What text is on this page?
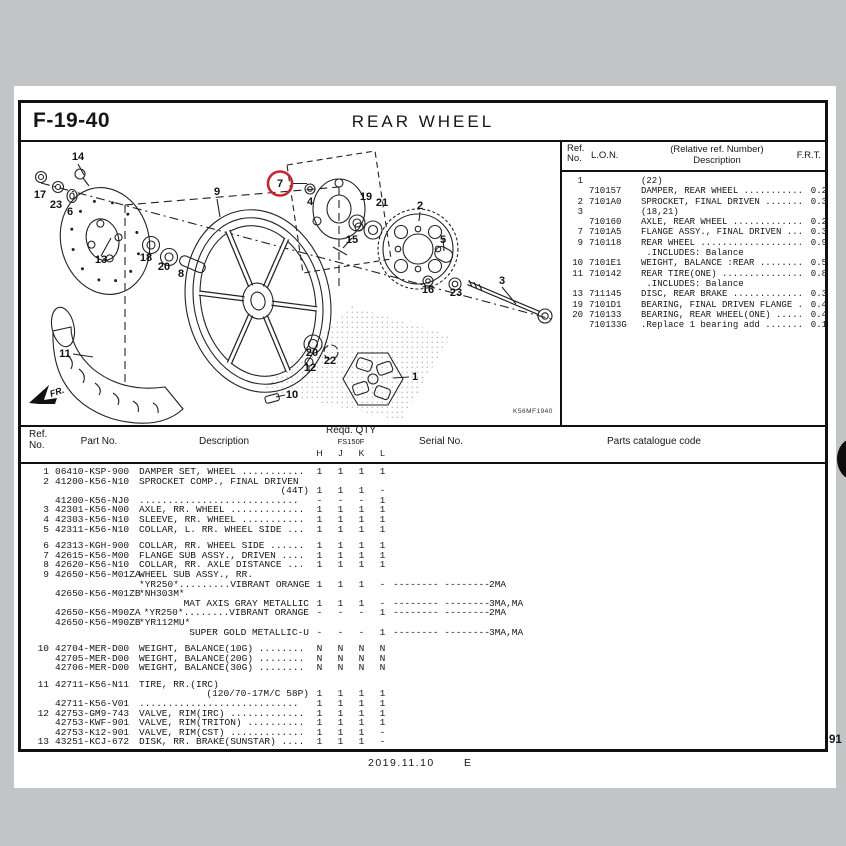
F-19-40	REAR WHEEL
FR.
K56MF1940
14
17
23
6
13	18
20
8
9
11
4	19 21
15
2
5
16 23
3
20
22
12
10
1
7
Ref.
No. L.O.N.
(Relative ref. Number)
Description	F.R.T.
1	(22)
710157	DAMPER, REAR WHEEL ........... 0.2
2 7101A0	SPROCKET, FINAL DRIVEN ....... 0.3
3	(18,21)
710160	AXLE, REAR WHEEL ............. 0.2
7 7101A5	FLANGE ASSY., FINAL DRIVEN ... 0.3
9 710118	REAR WHEEL ................... 0.9
.INCLUDES: Balance
10 7101E1	WEIGHT, BALANCE :REAR ........ 0.5
11 710142	REAR TIRE(ONE) ............... 0.8
.INCLUDES: Balance
13 711145	DISC, REAR BRAKE ............. 0.3
19 7101D1	BEARING, FINAL DRIVEN FLANGE . 0.4
20 710133	BEARING, REAR WHEEL(ONE) ..... 0.4
710133G	.Replace 1 bearing add ....... 0.1
Ref.
No.	Part No.	Description
Reqd. QTY
FS150F
H	J	K	L
Serial No.	Parts catalogue code
1 06410-KSP-900	DAMPER SET, WHEEL ...........	1	1	1	1
2 41200-K56-N10	SPROCKET COMP., FINAL DRIVEN
(44T) 1	1	1	-
41200-K56-NJ0	............................	-	-	-	1
3 42301-K56-N00	AXLE, RR. WHEEL .............	1	1	1	1
4 42303-K56-N10	SLEEVE, RR. WHEEL ...........	1	1	1	1
5 42311-K56-N10	COLLAR, L. RR. WHEEL SIDE ...	1	1	1	1
6 42313-KGH-900	COLLAR, RR. WHEEL SIDE ......	1	1	1	1
7 42615-K56-M00	FLANGE SUB ASSY., DRIVEN ....	1	1	1	1
8 42620-K56-N10	COLLAR, RR. AXLE DISTANCE ...	1	1	1	1
9 42650-K56-M01ZA
WHEEL SUB ASSY., RR.
*YR250*.........VIBRANT ORANGE 1	1	1	- -------- -------- 2MA
42650-K56-M01ZB
*NH303M*
MAT AXIS GRAY METALLIC 1	1	1	- -------- -------- 3MA,MA
42650-K56-M90ZA *YR250*........VIBRANT ORANGE -	-	-	1 -------- -------- 2MA
42650-K56-M90ZB
*YR112MU*
SUPER GOLD METALLIC-U -	-	-	1 -------- -------- 3MA,MA
10 42704-MER-D00	WEIGHT, BALANCE(10G) ........	N	N	N	N
42705-MER-D00	WEIGHT, BALANCE(20G) ........	N	N	N	N
42706-MER-D00	WEIGHT, BALANCE(30G) ........	N	N	N	N
11 42711-K56-N11	TIRE, RR.(IRC)
(120/70-17M/C 58P) 1	1	1	1
42711-K56-V01	............................	1	1	1	1
12 42753-GM9-743	VALVE, RIM(IRC) .............	1	1	1	1
42753-KWF-901	VALVE, RIM(TRITON) ..........	1	1	1	1
42753-K12-901	VALVE, RIM(CST) .............	1	1	1	-
13 43251-KCJ-672	DISK, RR. BRAKE(SUNSTAR) ....	1	1	1	-
2019.11.10	E
91
